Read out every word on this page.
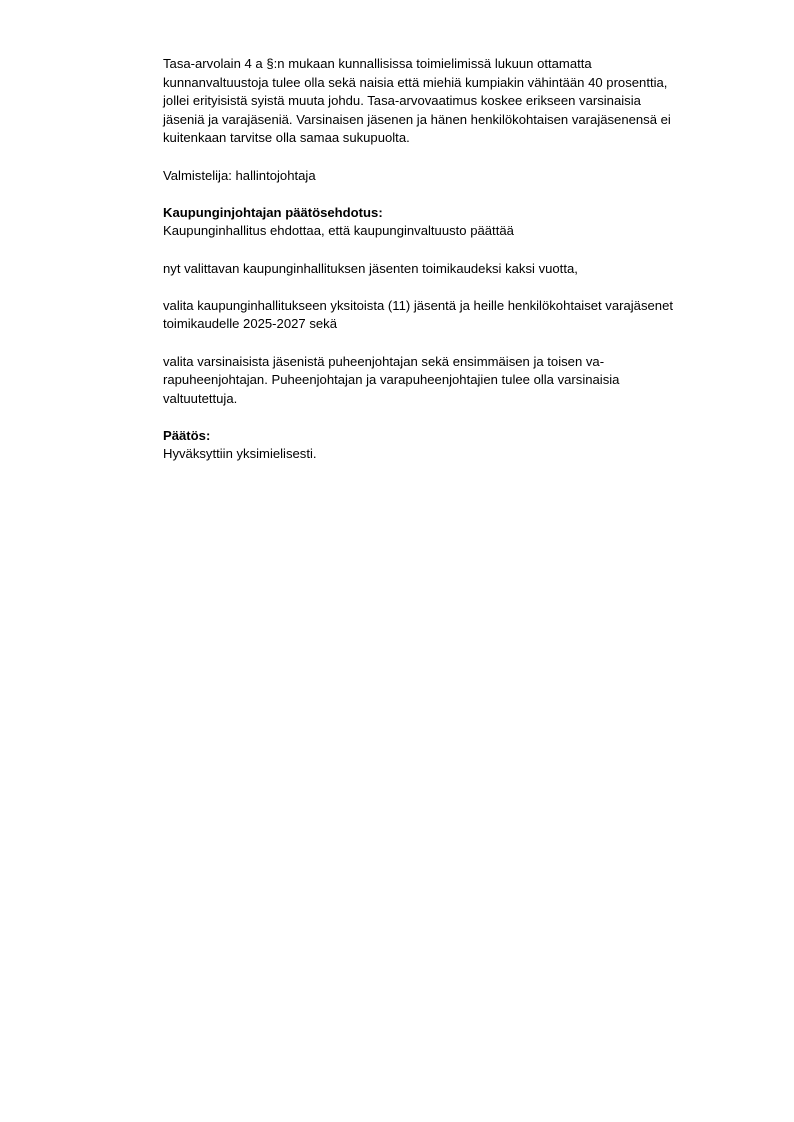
Tasa-arvolain 4 a §:n mukaan kunnallisissa toimielimissä lukuun ottamatta
kunnanvaltuustoja tulee olla sekä naisia että miehiä kumpiakin vähintään 40 prosenttia,
jollei erityisistä syistä muuta johdu. Tasa-arvovaatimus koskee erikseen varsinaisia
jäseniä ja varajäseniä. Varsinaisen jäsenen ja hänen henkilökohtaisen varajäsenensä ei
kuitenkaan tarvitse olla samaa sukupuolta.
Valmistelija: hallintojohtaja
Kaupunginjohtajan päätösehdotus:
Kaupunginhallitus ehdottaa, että kaupunginvaltuusto päättää
nyt valittavan kaupunginhallituksen jäsenten toimikaudeksi kaksi vuotta,
valita kaupunginhallitukseen yksitoista (11) jäsentä ja heille henkilökohtaiset varajäsenet
toimikaudelle 2025-2027 sekä
valita varsinaisista jäsenistä puheenjohtajan sekä ensimmäisen ja toisen va-
rapuheenjohtajan. Puheenjohtajan ja varapuheenjohtajien tulee olla varsinaisia
valtuutettuja.
Päätös:
Hyväksyttiin yksimielisesti.
